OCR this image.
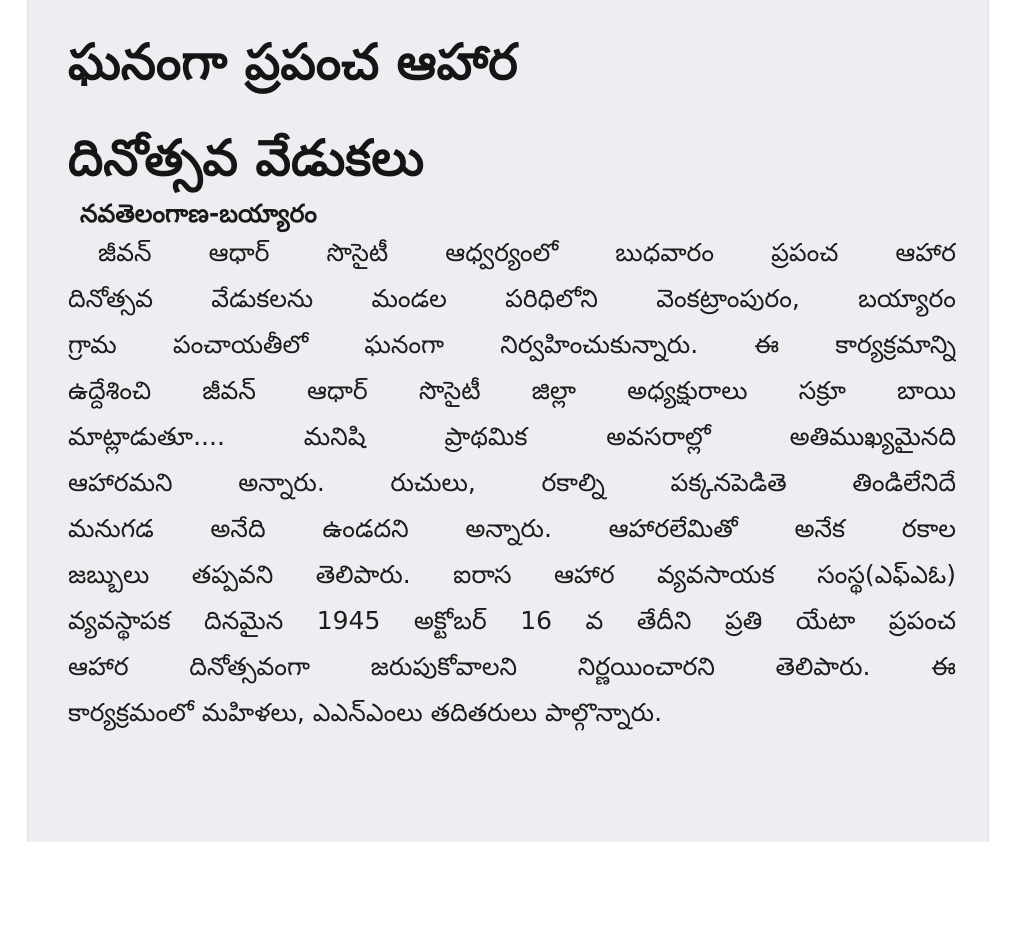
ఘనంగా ప్రపంచ ఆహార
దినోత్సవ వేడుకలు

నవతెలంగాణ-బయ్యారం

జీవన్ ఆధార్ సొసైటీ ఆధ్వర్యంలో బుధవారం ప్రపంచ ఆహార

దినోత్సవ వేడుకలను మండల పరిధిలోని వెంకట్రాంపురం, బయ్యారం

గ్రామ పంచాయతీలో ఘనంగా నిర్వహించుకున్నారు. ఈ కార్యక్రమాన్ని

ఉద్దేశించి జీవన్ ఆధార్ సొసైటీ జిల్లా అధ్యక్షురాలు సక్రూ బాయి

మాట్లాడుతూ.... మనిషి ప్రాథమిక అవసరాల్లో అతిముఖ్యమైనది

ఆహారమని అన్నారు. రుచులు, రకాల్ని పక్కనపెడితె తిండిలేనిదే

మనుగడ అనేది ఉండదని అన్నారు. ఆహారలేమితో అనేక రకాల

జబ్బులు తప్పవని తెలిపారు. ఐరాస ఆహార వ్యవసాయక సంస్థ(ఎఫ్ఎఓ)

వ్యవస్థాపక దినమైన 1945 అక్టోబర్ 16 వ తేదీని ప్రతి యేటా ప్రపంచ

ఆహార దినోత్సవంగా జరుపుకోవాలని నిర్ణయించారని తెలిపారు. ఈ

కార్యక్రమంలో మహిళలు, ఎఎన్ఎంలు తదితరులు పాల్గొన్నారు.
